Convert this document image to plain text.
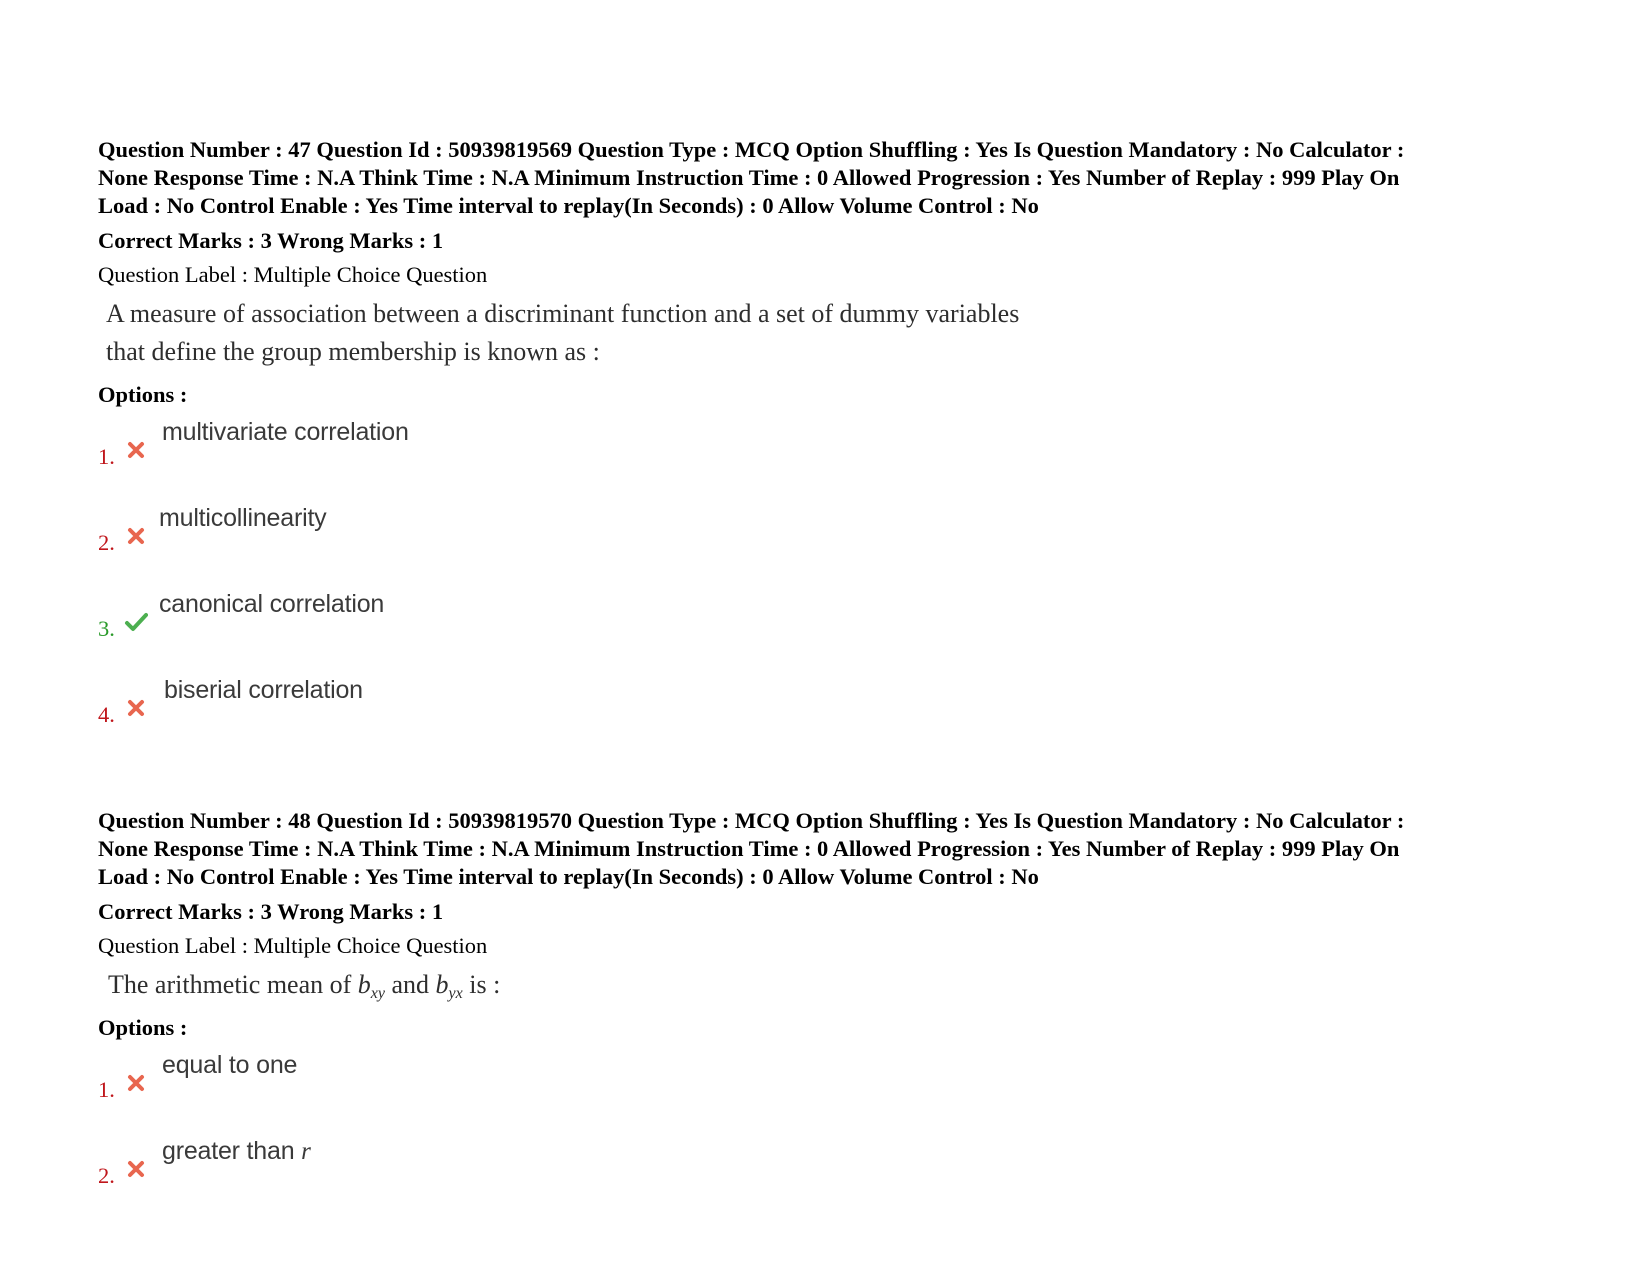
Question Number : 47 Question Id : 50939819569 Question Type : MCQ Option Shuffling : Yes Is Question Mandatory : No Calculator :
None Response Time : N.A Think Time : N.A Minimum Instruction Time : 0 Allowed Progression : Yes Number of Replay : 999 Play On
Load : No Control Enable : Yes Time interval to replay(In Seconds) : 0 Allow Volume Control : No
Correct Marks : 3 Wrong Marks : 1
Question Label : Multiple Choice Question
A measure of association between a discriminant function and a set of dummy variables
that define the group membership is known as :
Options :
1.
multivariate correlation
2.
multicollinearity
3.
canonical correlation
4.
biserial correlation
Question Number : 48 Question Id : 50939819570 Question Type : MCQ Option Shuffling : Yes Is Question Mandatory : No Calculator :
None Response Time : N.A Think Time : N.A Minimum Instruction Time : 0 Allowed Progression : Yes Number of Replay : 999 Play On
Load : No Control Enable : Yes Time interval to replay(In Seconds) : 0 Allow Volume Control : No
Correct Marks : 3 Wrong Marks : 1
Question Label : Multiple Choice Question
The arithmetic mean of $b_{xy}$ and $b_{yx}$ is :
Options :
1.
equal to one
2.
greater than r
